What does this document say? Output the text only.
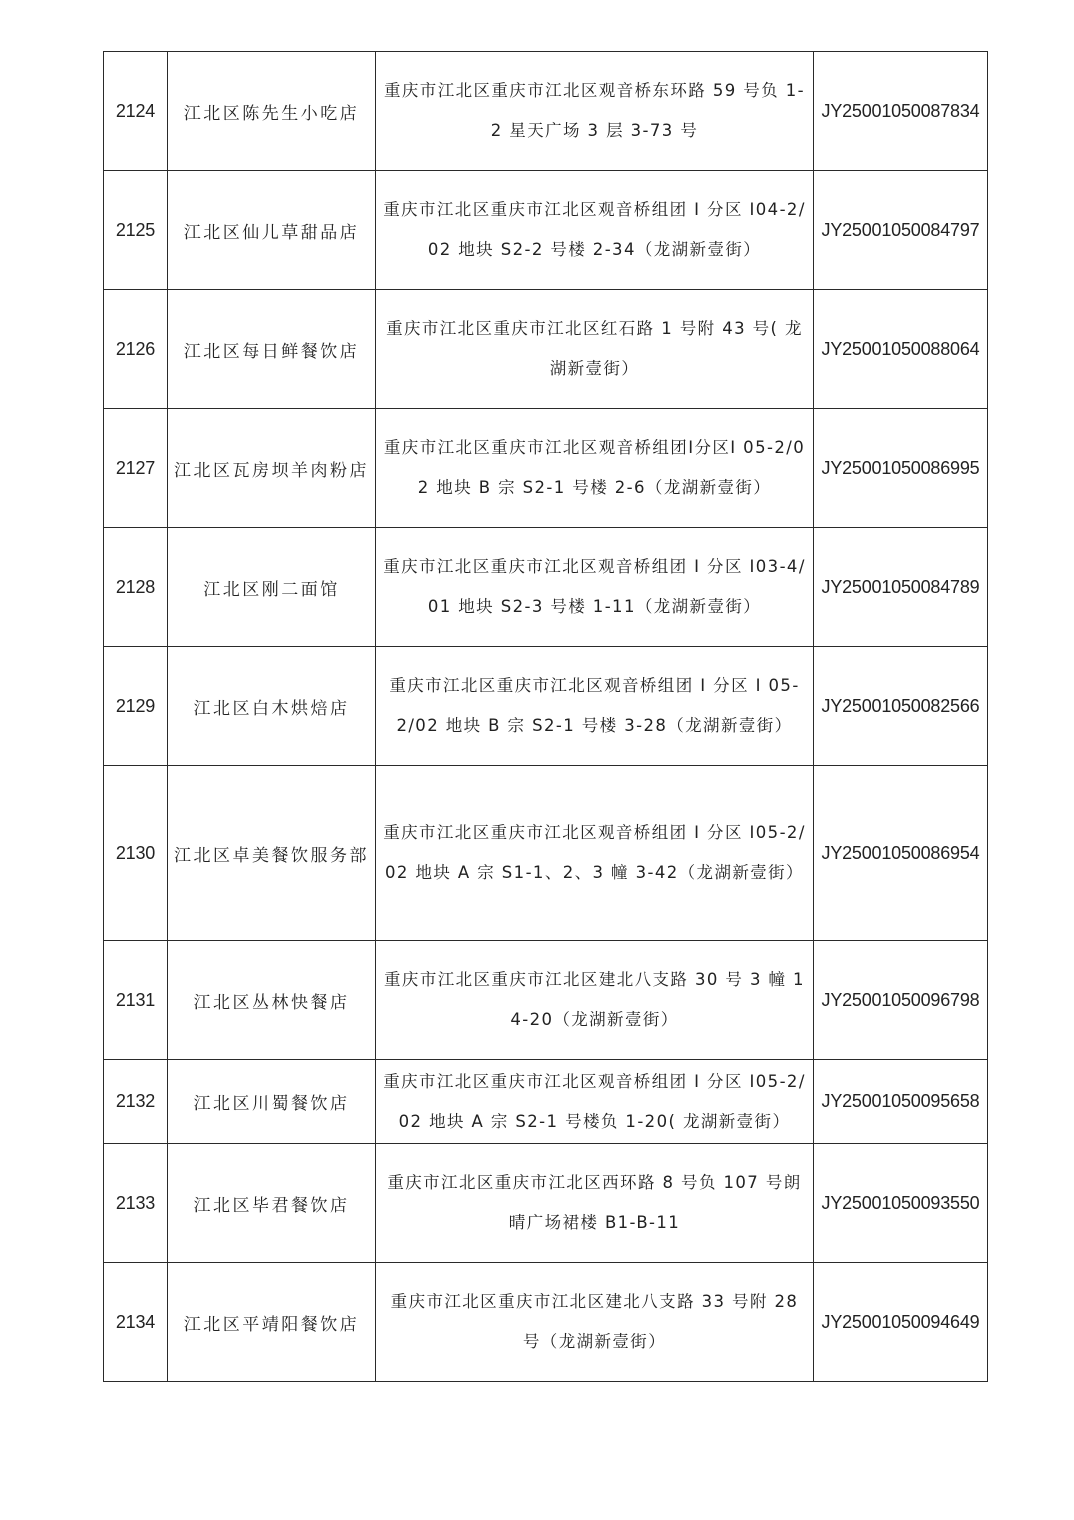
2124	江北区陈先生小吃店	重庆市江北区重庆市江北区观音桥东环路 59 号负 1-2 星天广场 3 层 3-73 号	JY25001050087834
2125	江北区仙儿草甜品店	重庆市江北区重庆市江北区观音桥组团 I 分区 I04-2/02 地块 S2-2 号楼 2-34（龙湖新壹街）	JY25001050084797
2126	江北区每日鲜餐饮店	重庆市江北区重庆市江北区红石路 1 号附 43 号( 龙湖新壹街）	JY25001050088064
2127	江北区瓦房坝羊肉粉店	重庆市江北区重庆市江北区观音桥组团Ⅰ分区Ⅰ 05-2/02 地块 B 宗 S2-1 号楼 2-6（龙湖新壹街）	JY25001050086995
2128	江北区刚二面馆	重庆市江北区重庆市江北区观音桥组团 I 分区 I03-4/01 地块 S2-3 号楼 1-11（龙湖新壹街）	JY25001050084789
2129	江北区白木烘焙店	重庆市江北区重庆市江北区观音桥组团 I 分区 I 05-2/02 地块 B 宗 S2-1 号楼 3-28（龙湖新壹街）	JY25001050082566
2130	江北区卓美餐饮服务部	重庆市江北区重庆市江北区观音桥组团 I 分区 I05-2/02 地块 A 宗 S1-1、2、3 幢 3-42（龙湖新壹街）	JY25001050086954
2131	江北区丛林快餐店	重庆市江北区重庆市江北区建北八支路 30 号 3 幢 14-20（龙湖新壹街）	JY25001050096798
2132	江北区川蜀餐饮店	重庆市江北区重庆市江北区观音桥组团 I 分区 I05-2/02 地块 A 宗 S2-1 号楼负 1-20( 龙湖新壹街）	JY25001050095658
2133	江北区毕君餐饮店	重庆市江北区重庆市江北区西环路 8 号负 107 号朗晴广场裙楼 B1-B-11	JY25001050093550
2134	江北区平靖阳餐饮店	重庆市江北区重庆市江北区建北八支路 33 号附 28 号（龙湖新壹街）	JY25001050094649
